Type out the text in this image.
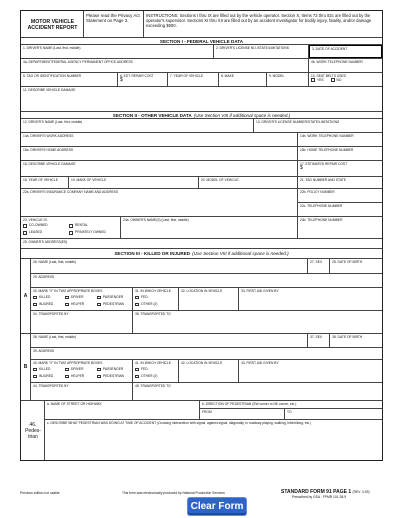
MOTOR VEHICLE ACCIDENT REPORT
Please read the Privacy Act Statement on Page 3.
INSTRUCTIONS: Sections I thru IX are filled out by the vehicle operator. Section X, Items 72 thru 82c are filled out by the operator's supervisor. Sections XI thru XII are filled out by an accident investigator for bodily injury, fatality, and/or damage exceeding $500.
SECTION I - FEDERAL VEHICLE DATA
1. DRIVER'S NAME (Last, first, middle)	2. DRIVER'S LICENSE NO./STATE/LIMITATIONS	3. DATE OF ACCIDENT
4a. DEPARTMENT/FEDERAL AGENCY PERMANENT OFFICE ADDRESS	4b. WORK TELEPHONE NUMBER
5. TAG OR IDENTIFICATION NUMBER	6. EST. REPAIR COST
$
7. YEAR OF VEHICLE	8. MAKE	9. MODEL	10. SEAT BELTS USED
YES
	NO
11. DESCRIBE VEHICLE DAMAGE
SECTION II - OTHER VEHICLE DATA (Use Section VIII if additional space is needed.)
12. DRIVER'S NAME (Last, first, middle)	13. DRIVER'S LICENSE NUMBER/STATE/LIMITATIONS
14a. DRIVER'S WORK ADDRESS	14b. WORK TELEPHONE NUMBER
15a. DRIVER'S HOME ADDRESS	15b. HOME TELEPHONE NUMBER
16. DESCRIBE VEHICLE DAMAGE	17. ESTIMATED REPAIR COST
$
18. YEAR OF VEHICLE	19. MAKE OF VEHICLE	20. MODEL OF VEHICLE	21. TAG NUMBER AND STATE
22a. DRIVER'S INSURANCE COMPANY NAME AND ADDRESS	22b. POLICY NUMBER
22c. TELEPHONE NUMBER
23. VEHICLE IS:
CO-OWNED	RENTAL
LEASED	PRIVATELY OWNED
24a. OWNER'S NAME(S) (Last, first, middle)	24b. TELEPHONE NUMBER
25. OWNER'S ADDRESS(ES)
SECTION III - KILLED OR INJURED (Use Section VIII if additional space is needed.)
A
26. NAME (Last, first, middle)	27. SEX	28. DATE OF BIRTH
29. ADDRESS
30. MARK "X" IN TWO APPROPRIATE BOXES
KILLED	DRIVER	PASSENGER
INJURED	HELPER	PEDESTRIAN
31. IN WHICH VEHICLE
FED.
OTHER (2)
32. LOCATION IN VEHICLE	33. FIRST AID GIVEN BY
34. TRANSPORTED BY	35. TRANSPORTED TO
B
36. NAME (Last, first, middle)	37. SEX	38. DATE OF BIRTH
39. ADDRESS
40. MARK "X" IN TWO APPROPRIATE BOXES
KILLED	DRIVER	PASSENGER
INJURED	HELPER	PEDESTRIAN
41. IN WHICH VEHICLE
FED.
OTHER (2)
42. LOCATION IN VEHICLE	43. FIRST AID GIVEN BY
44. TRANSPORTED BY	45. TRANSPORTED TO
46. Pedes- trian
a. NAME OF STREET OR HIGHWAY	b. DIRECTION OF PEDESTRIAN (SW corner to NE corner, etc.)
FROM	TO
c. DESCRIBE WHAT PEDESTRIAN WAS DOING AT TIME OF ACCIDENT (Crossing intersection with signal, against signal, diagonally, in roadway playing, walking, hitchhiking, etc.)
Previous edition not usable	This form was electronically produced by National Production Services	STANDARD FORM 91 PAGE 1 (REV. 3-93)
Prescribed by GSA - FPMR 101-38.9
Clear Form
